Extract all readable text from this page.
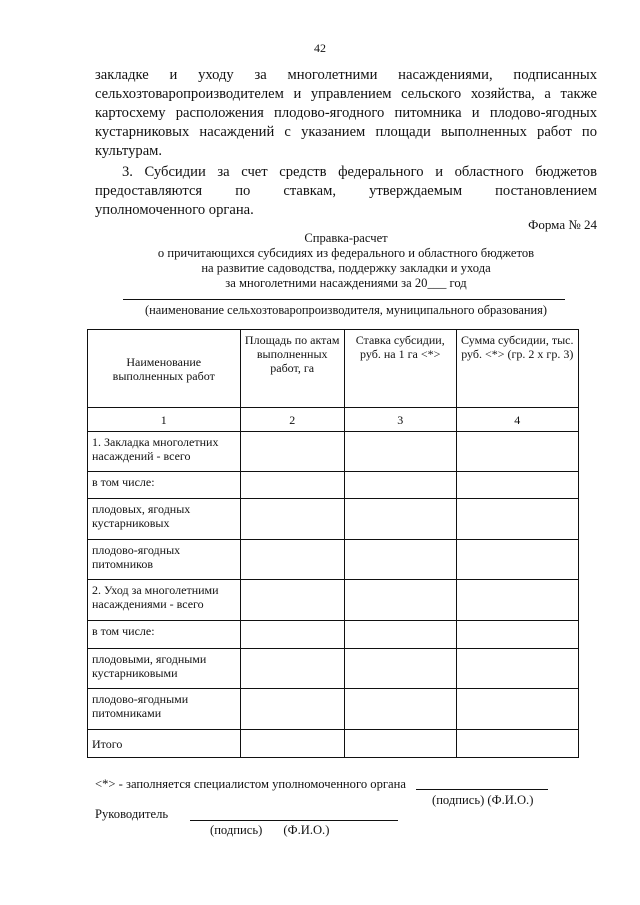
42
закладке и уходу за многолетними насаждениями, подписанных
сельхозтоваропроизводителем и управлением сельского хозяйства, а также
картосхему расположения плодово-ягодного питомника и плодово-ягодных
кустарниковых насаждений с указанием площади выполненных работ по
культурам.
3. Субсидии за счет средств федерального и областного бюджетов
предоставляются по ставкам, утверждаемым постановлением
уполномоченного органа.
Форма № 24
Справка-расчет
о причитающихся субсидиях из федерального и областного бюджетов
на развитие садоводства, поддержку закладки и ухода
за многолетними насаждениями за 20___ год
(наименование сельхозтоваропроизводителя, муниципального образования)
Наименование выполненных работ	Площадь по актам выполненных работ, га	Ставка субсидии, руб. на 1 га <*>	Сумма субсидии, тыс. руб. <*> (гр. 2 х гр. 3)
1	2	3	4
1. Закладка многолетних насаждений - всего			
в том числе:			
плодовых, ягодных кустарниковых			
плодово-ягодных питомников			
2. Уход за многолетними насаждениями - всего			
в том числе:			
плодовыми, ягодными кустарниковыми			
плодово-ягодными питомниками			
Итого			
<*> - заполняется специалистом уполномоченного органа
(подпись) (Ф.И.О.)
Руководитель
(подпись) (Ф.И.О.)
